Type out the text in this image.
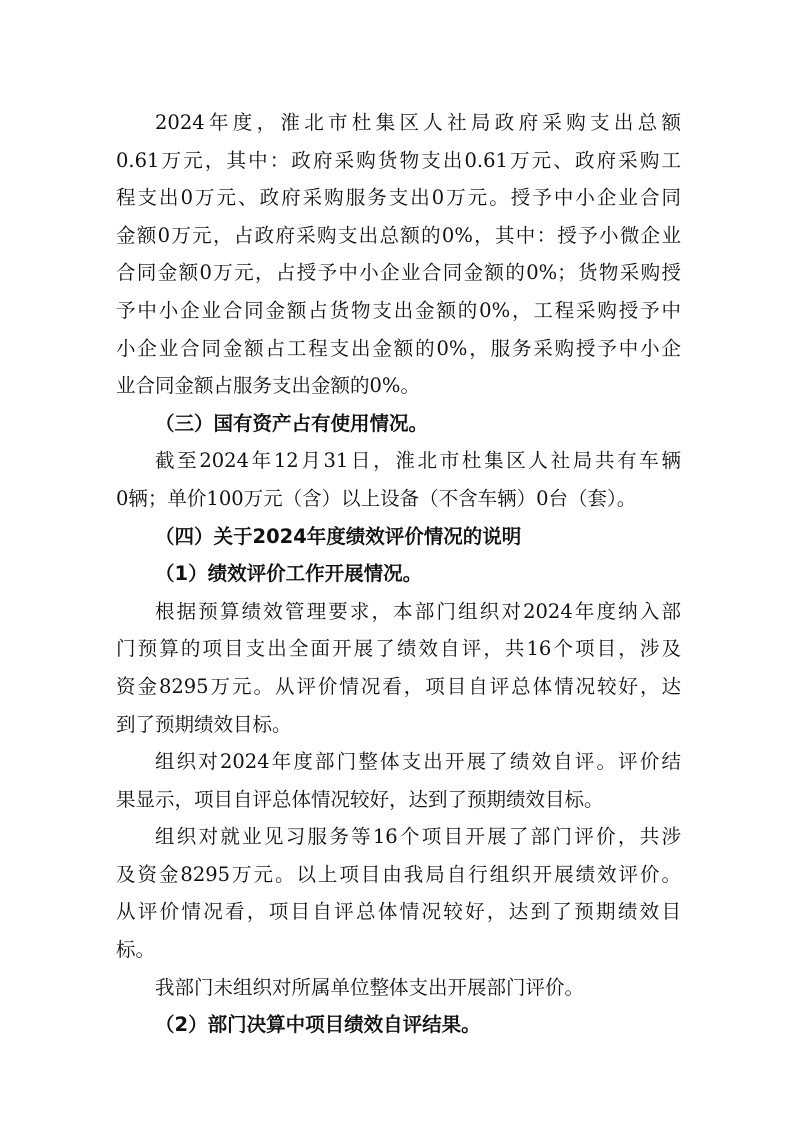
2024年度，淮北市杜集区人社局政府采购支出总额
0.61万元，其中：政府采购货物支出0.61万元、政府采购工
程支出0万元、政府采购服务支出0万元。授予中小企业合同
金额0万元，占政府采购支出总额的0%，其中：授予小微企业
合同金额0万元，占授予中小企业合同金额的0%；货物采购授
予中小企业合同金额占货物支出金额的0%，工程采购授予中
小企业合同金额占工程支出金额的0%，服务采购授予中小企
业合同金额占服务支出金额的0%。
（三）国有资产占有使用情况。
截至2024年12月31日，淮北市杜集区人社局共有车辆
0辆；单价100万元（含）以上设备（不含车辆）0台（套）。
（四）关于2024年度绩效评价情况的说明
（1）绩效评价工作开展情况。
根据预算绩效管理要求，本部门组织对2024年度纳入部
门预算的项目支出全面开展了绩效自评，共16个项目，涉及
资金8295万元。从评价情况看，项目自评总体情况较好，达
到了预期绩效目标。
组织对2024年度部门整体支出开展了绩效自评。评价结
果显示，项目自评总体情况较好，达到了预期绩效目标。
组织对就业见习服务等16个项目开展了部门评价，共涉
及资金8295万元。以上项目由我局自行组织开展绩效评价。
从评价情况看，项目自评总体情况较好，达到了预期绩效目
标。
我部门未组织对所属单位整体支出开展部门评价。
（2）部门决算中项目绩效自评结果。
